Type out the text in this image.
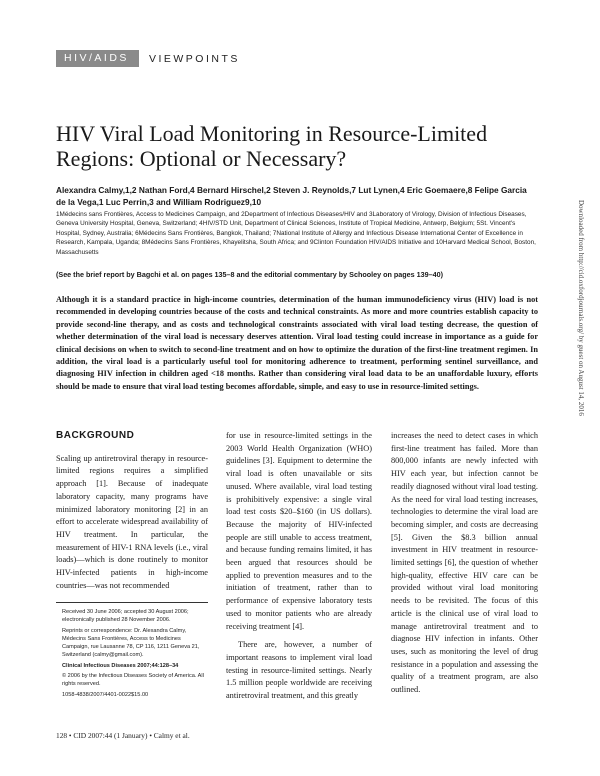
HIV/AIDS	VIEWPOINTS
HIV Viral Load Monitoring in Resource-Limited Regions: Optional or Necessary?
Alexandra Calmy,1,2 Nathan Ford,4 Bernard Hirschel,2 Steven J. Reynolds,7 Lut Lynen,4 Eric Goemaere,8 Felipe Garcia de la Vega,1 Luc Perrin,3 and William Rodriguez9,10
1Médecins sans Frontières, Access to Medicines Campaign, and 2Department of Infectious Diseases/HIV and 3Laboratory of Virology, Division of Infectious Diseases, Geneva University Hospital, Geneva, Switzerland; 4HIV/STD Unit, Department of Clinical Sciences, Institute of Tropical Medicine, Antwerp, Belgium; 5St. Vincent's Hospital, Sydney, Australia; 6Médecins Sans Frontières, Bangkok, Thailand; 7National Institute of Allergy and Infectious Disease International Center of Excellence in Research, Kampala, Uganda; 8Médecins Sans Frontières, Khayelitsha, South Africa; and 9Clinton Foundation HIV/AIDS Initiative and 10Harvard Medical School, Boston, Massachusetts
(See the brief report by Bagchi et al. on pages 135–8 and the editorial commentary by Schooley on pages 139–40)	Downloaded from http://cid.oxfordjournals.org/ by guest on August 14, 2016
Although it is a standard practice in high-income countries, determination of the human immunodeficiency virus (HIV) load is not recommended in developing countries because of the costs and technical constraints. As more and more countries establish capacity to provide second-line therapy, and as costs and technological constraints associated with viral load testing decrease, the question of whether determination of the viral load is necessary deserves attention. Viral load testing could increase in importance as a guide for clinical decisions on when to switch to second-line treatment and on how to optimize the duration of the first-line treatment regimen. In addition, the viral load is a particularly useful tool for monitoring adherence to treatment, performing sentinel surveillance, and diagnosing HIV infection in children aged <18 months. Rather than considering viral load data to be an unaffordable luxury, efforts should be made to ensure that viral load testing becomes affordable, simple, and easy to use in resource-limited settings.
BACKGROUND

Scaling up antiretroviral therapy in resource-limited regions requires a simplified approach [1]. Because of inadequate laboratory capacity, many programs have minimized laboratory monitoring [2] in an effort to accelerate widespread availability of HIV treatment. In particular, the measurement of HIV-1 RNA levels (i.e., viral loads)—which is done routinely to monitor HIV-infected patients in high-income countries—was not recommended

for use in resource-limited settings in the 2003 World Health Organization (WHO) guidelines [3]. Equipment to determine the viral load is often unavailable or sits unused. Where available, viral load testing is prohibitively expensive: a single viral load test costs $20–$160 (in US dollars). Because the majority of HIV-infected people are still unable to access treatment, and because funding remains limited, it has been argued that resources should be applied to prevention measures and to the initiation of treatment, rather than to performance of expensive laboratory tests used to monitor patients who are already receiving treatment [4].

There are, however, a number of important reasons to implement viral load testing in resource-limited settings. Nearly 1.5 million people worldwide are receiving antiretroviral treatment, and this greatly

increases the need to detect cases in which first-line treatment has failed. More than 800,000 infants are newly infected with HIV each year, but infection cannot be readily diagnosed without viral load testing. As the need for viral load testing increases, technologies to determine the viral load are becoming simpler, and costs are decreasing [5]. Given the $8.3 billion annual investment in HIV treatment in resource-limited settings [6], the question of whether high-quality, effective HIV care can be provided without viral load monitoring needs to be revisited. The focus of this article is the clinical use of viral load to manage antiretroviral treatment and to diagnose HIV infection in infants. Other uses, such as monitoring the level of drug resistance in a population and assessing the quality of a treatment program, are also outlined.

Received 30 June 2006; accepted 30 August 2006; electronically published 28 November 2006.

Reprints or correspondence: Dr. Alexandra Calmy, Médecins Sans Frontières, Access to Medicines Campaign, rue Lausanne 78, CP 116, 1211 Geneva 21, Switzerland (calmy@gmail.com).

Clinical Infectious Diseases 2007;44:128–34

© 2006 by the Infectious Diseases Society of America. All rights reserved.

1058-4838/2007/4401-0022$15.00

128 • CID 2007:44 (1 January) • Calmy et al.
